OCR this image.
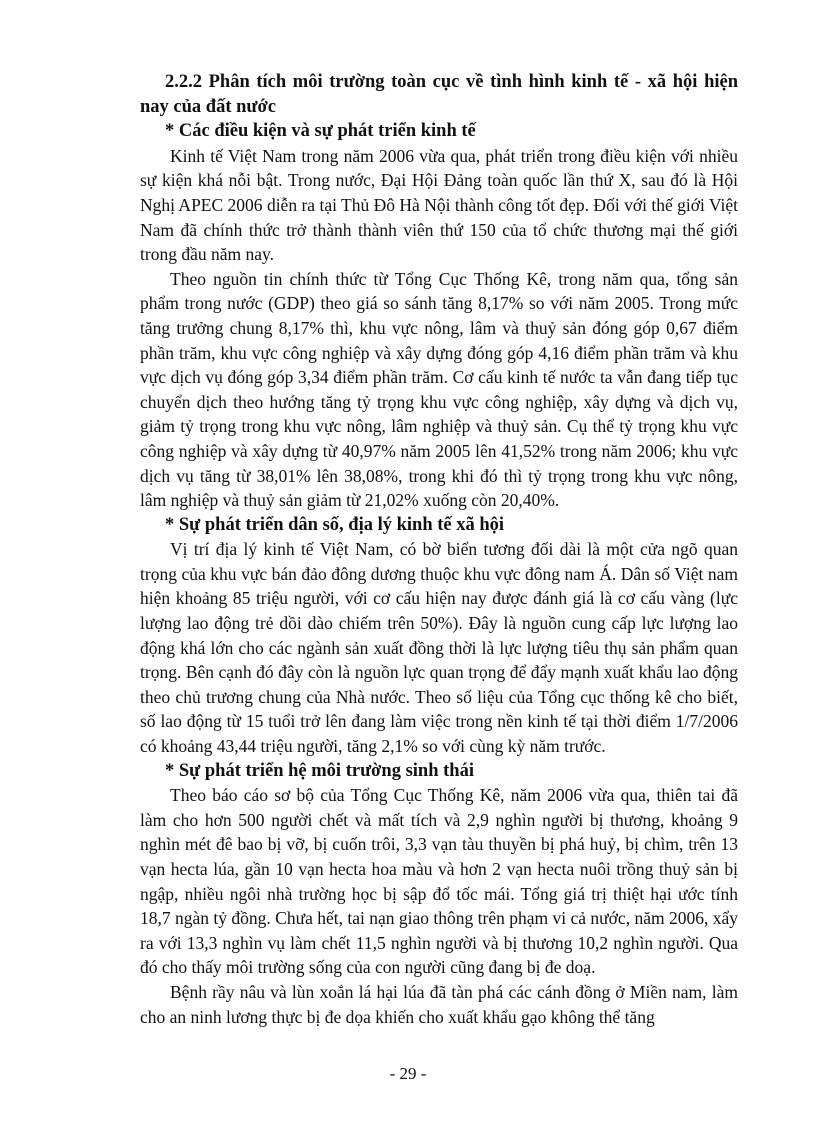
2.2.2 Phân tích môi trường toàn cục về tình hình kinh tế - xã hội hiện nay của đất nước
* Các điều kiện và sự phát triển kinh tế

Kinh tế Việt Nam trong năm 2006 vừa qua, phát triển trong điều kiện với nhiều sự kiện khá nỗi bật. Trong nước, Đại Hội Đảng toàn quốc lần thứ X, sau đó là Hội Nghị APEC 2006 diễn ra tại Thủ Đô Hà Nội thành công tốt đẹp. Đối với thế giới Việt Nam đã chính thức trở thành thành viên thứ 150 của tổ chức thương mại thế giới trong đầu năm nay.

Theo nguồn tin chính thức từ Tổng Cục Thống Kê, trong năm qua, tổng sản phẩm trong nước (GDP) theo giá so sánh tăng 8,17% so với năm 2005. Trong mức tăng trưởng chung 8,17% thì, khu vực nông, lâm và thuỷ sản đóng góp 0,67 điểm phần trăm, khu vực công nghiệp và xây dựng đóng góp 4,16 điểm phần trăm và khu vực dịch vụ đóng góp 3,34 điểm phần trăm. Cơ cấu kinh tế nước ta vẫn đang tiếp tục chuyển dịch theo hướng tăng tỷ trọng khu vực công nghiệp, xây dựng và dịch vụ, giảm tỷ trọng trong khu vực nông, lâm nghiệp và thuỷ sản. Cụ thể tỷ trọng khu vực công nghiệp và xây dựng từ 40,97% năm 2005 lên 41,52% trong năm 2006; khu vực dịch vụ tăng từ 38,01% lên 38,08%, trong khi đó thì tỷ trọng trong khu vực nông, lâm nghiệp và thuỷ sản giảm từ 21,02% xuống còn 20,40%.

* Sự phát triển dân số, địa lý kinh tế xã hội

Vị trí địa lý kinh tế Việt Nam, có bờ biển tương đối dài là một cửa ngõ quan trọng của khu vực bán đảo đông dương thuộc khu vực đông nam Á. Dân số Việt nam hiện khoảng 85 triệu người, với cơ cấu hiện nay được đánh giá là cơ cấu vàng (lực lượng lao động trẻ dồi dào chiếm trên 50%). Đây là nguồn cung cấp lực lượng lao động khá lớn cho các ngành sản xuất đồng thời là lực lượng tiêu thụ sản phẩm quan trọng. Bên cạnh đó đây còn là nguồn lực quan trọng để đẩy mạnh xuất khẩu lao động theo chủ trương chung của Nhà nước. Theo số liệu của Tổng cục thống kê cho biết, số lao động từ 15 tuổi trở lên đang làm việc trong nền kinh tế tại thời điểm 1/7/2006 có khoảng 43,44 triệu người, tăng 2,1% so với cùng kỳ năm trước.

* Sự phát triển hệ môi trường sinh thái

Theo báo cáo sơ bộ của Tổng Cục Thống Kê, năm 2006 vừa qua, thiên tai đã làm cho hơn 500 người chết và mất tích và 2,9 nghìn người bị thương, khoảng 9 nghìn mét đê bao bị vỡ, bị cuốn trôi, 3,3 vạn tàu thuyền bị phá huỷ, bị chìm, trên 13 vạn hecta lúa, gần 10 vạn hecta hoa màu và hơn 2 vạn hecta nuôi trồng thuỷ sản bị ngập, nhiều ngôi nhà trường học bị sập đổ tốc mái. Tổng giá trị thiệt hại ước tính 18,7 ngàn tỷ đồng. Chưa hết, tai nạn giao thông trên phạm vi cả nước, năm 2006, xẩy ra với 13,3 nghìn vụ làm chết 11,5 nghìn người và bị thương 10,2 nghìn người. Qua đó cho thấy môi trường sống của con người cũng đang bị đe doạ.

Bệnh rầy nâu và lùn xoắn lá hại lúa đã tàn phá các cánh đồng ở Miền nam, làm cho an ninh lương thực bị đe dọa khiến cho xuất khẩu gạo không thể tăng

- 29 -
